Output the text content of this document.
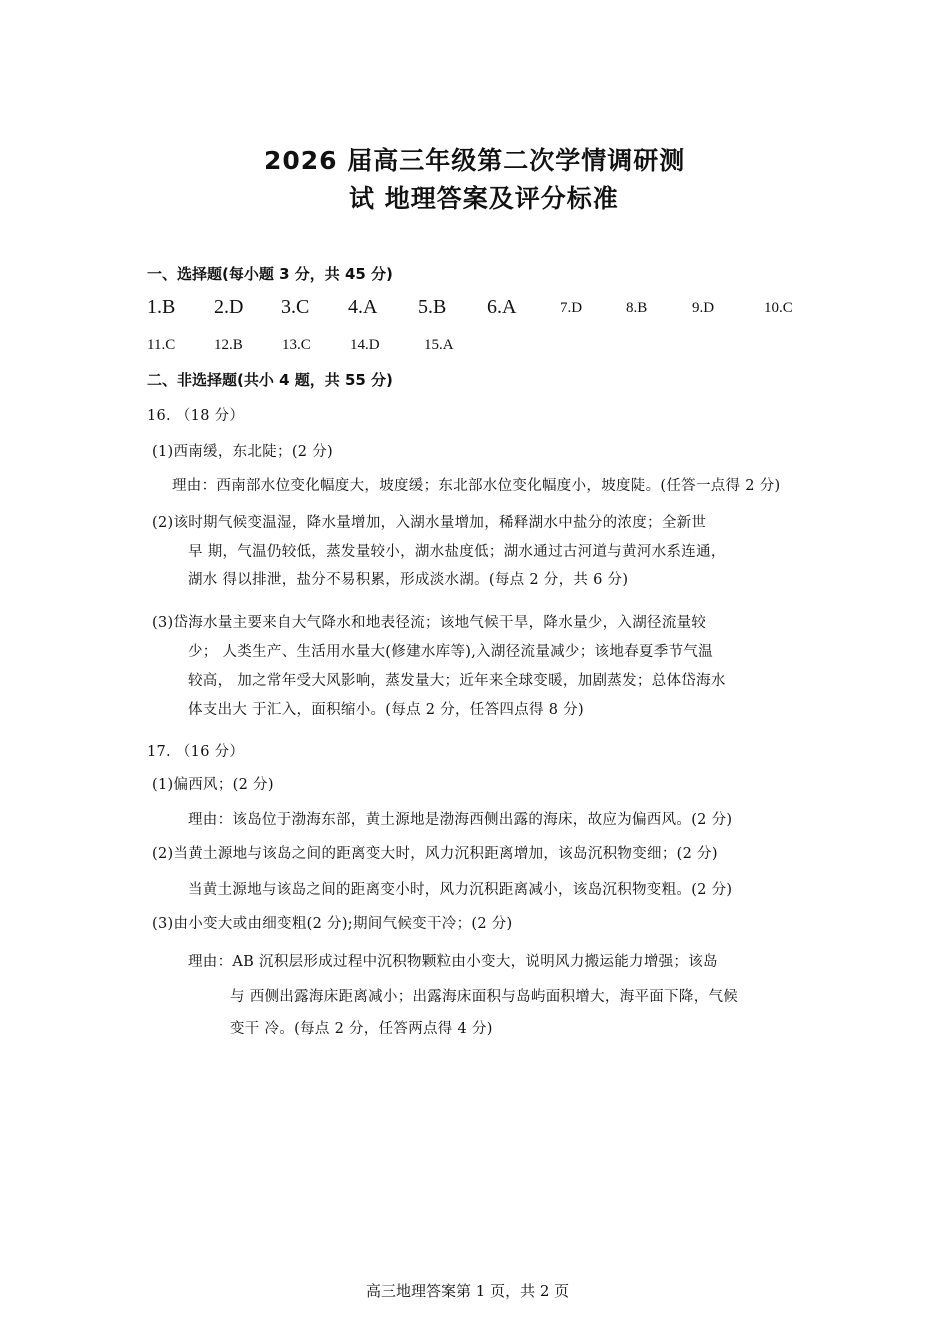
2026 届高三年级第二次学情调研测
试 地理答案及评分标准
一、选择题(每小题 3 分，共 45 分)
1.B 2.D 3.C 4.A 5.B 6.A	7.D	8.B	9.D	10.C
11.C	12.B	13.C	14.D	15.A
二、非选择题(共小 4 题，共 55 分)
16. （18 分）
(1)西南缓，东北陡；(2 分)
理由：西南部水位变化幅度大，坡度缓；东北部水位变化幅度小，坡度陡。(任答一点得 2 分)
(2)该时期气候变温湿，降水量增加，入湖水量增加，稀释湖水中盐分的浓度；全新世
早 期，气温仍较低，蒸发量较小，湖水盐度低；湖水通过古河道与黄河水系连通，
湖水 得以排泄，盐分不易积累，形成淡水湖。(每点 2 分，共 6 分)
(3)岱海水量主要来自大气降水和地表径流；该地气候干旱，降水量少，入湖径流量较
少； 人类生产、生活用水量大(修建水库等),入湖径流量减少；该地春夏季节气温
较高， 加之常年受大风影响，蒸发量大；近年来全球变暖，加剧蒸发；总体岱海水
体支出大 于汇入，面积缩小。(每点 2 分，任答四点得 8 分)
17. （16 分）
(1)偏西风；(2 分)
理由：该岛位于渤海东部，黄土源地是渤海西侧出露的海床，故应为偏西风。(2 分)
(2)当黄土源地与该岛之间的距离变大时，风力沉积距离增加，该岛沉积物变细；(2 分)
当黄土源地与该岛之间的距离变小时，风力沉积距离减小，该岛沉积物变粗。(2 分)
(3)由小变大或由细变粗(2 分);期间气候变干冷；(2 分)
理由：AB 沉积层形成过程中沉积物颗粒由小变大，说明风力搬运能力增强；该岛
与 西侧出露海床距离减小；出露海床面积与岛屿面积增大，海平面下降，气候
变干 冷。(每点 2 分，任答两点得 4 分)
高三地理答案第 1 页，共 2 页
